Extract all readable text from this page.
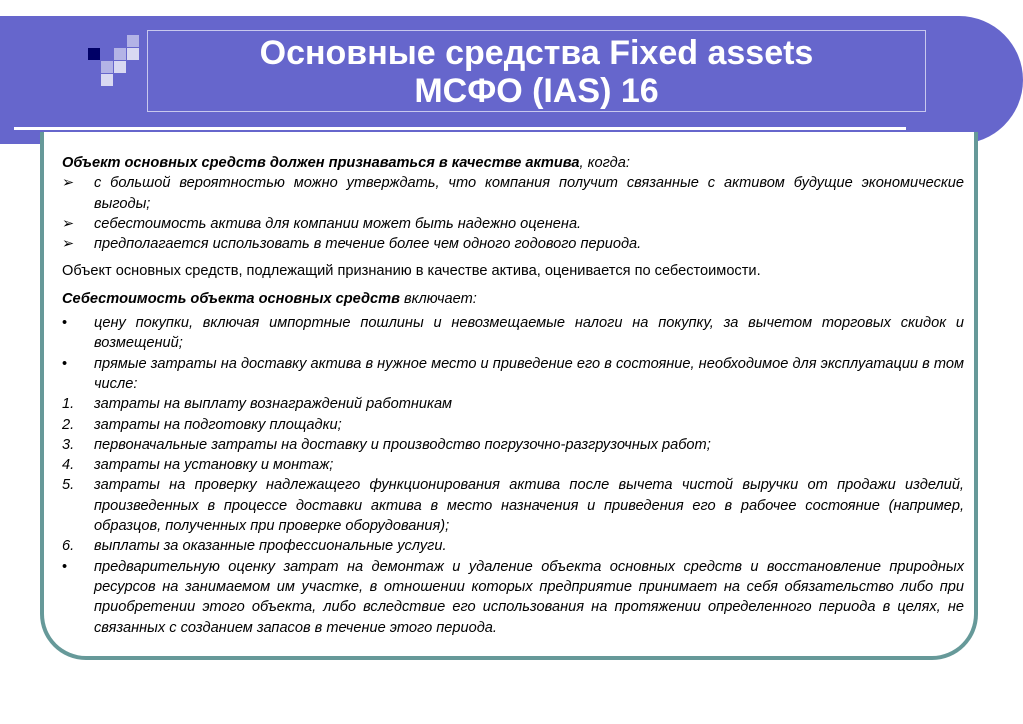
Основные средства Fixed assets
МСФО (IAS) 16

Объект основных средств должен признаваться в качестве актива, когда:

➢	с большой вероятностью можно утверждать, что компания получит связанные с активом будущие экономические выгоды;
➢	себестоимость актива для компании может быть надежно оценена.
➢	предполагается использовать в течение более чем одного годового периода.

Объект основных средств, подлежащий признанию в качестве актива, оценивается по себестоимости.

Себестоимость объекта основных средств включает:

•	цену покупки, включая импортные пошлины и невозмещаемые налоги на покупку, за вычетом торговых скидок и возмещений;
•	прямые затраты на доставку актива в нужное место и приведение его в состояние, необходимое для эксплуатации в том числе:
1.	затраты на выплату вознаграждений работникам
2.	затраты на подготовку площадки;
3.	первоначальные затраты на доставку и производство погрузочно-разгрузочных работ;
4.	затраты на установку и монтаж;
5.	затраты на проверку надлежащего функционирования актива после вычета чистой выручки от продажи изделий, произведенных в процессе доставки актива в место назначения и приведения его в рабочее состояние (например, образцов, полученных при проверке оборудования);
6.	выплаты за оказанные профессиональные услуги.
•	предварительную оценку затрат на демонтаж и удаление объекта основных средств и восстановление природных ресурсов на занимаемом им участке, в отношении которых предприятие принимает на себя обязательство либо при приобретении этого объекта, либо вследствие его использования на протяжении определенного периода в целях, не связанных с созданием запасов в течение этого периода.
